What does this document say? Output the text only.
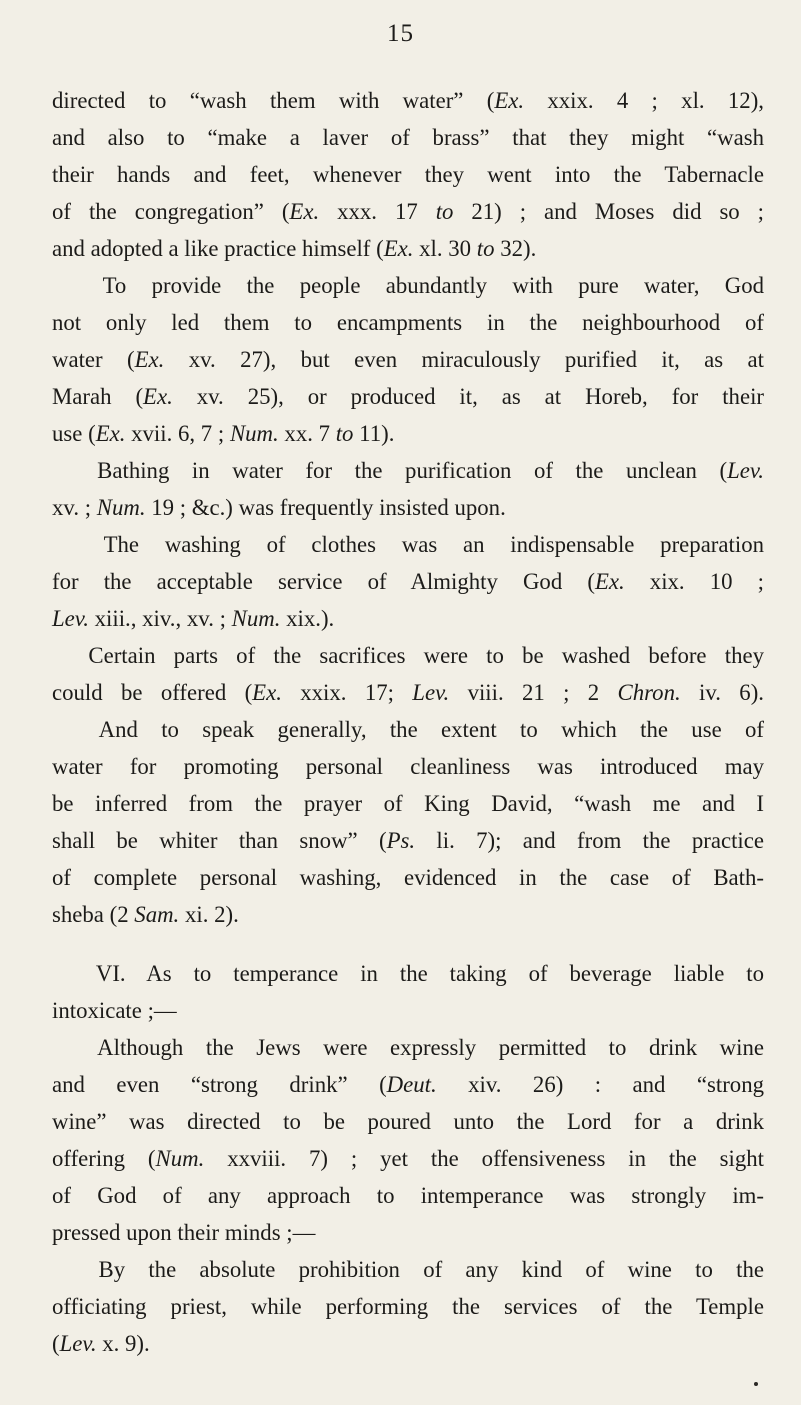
15
directed to “wash them with water” (Ex. xxix. 4 ; xl. 12),
and also to “make a laver of brass” that they might “wash
their hands and feet, whenever they went into the Tabernacle
of the congregation” (Ex. xxx. 17 to 21) ; and Moses did so ;
and adopted a like practice himself (Ex. xl. 30 to 32).
To provide the people abundantly with pure water, God
not only led them to encampments in the neighbourhood of
water (Ex. xv. 27), but even miraculously purified it, as at
Marah (Ex. xv. 25), or produced it, as at Horeb, for their
use (Ex. xvii. 6, 7 ; Num. xx. 7 to 11).
Bathing in water for the purification of the unclean (Lev.
xv. ; Num. 19 ; &c.) was frequently insisted upon.
The washing of clothes was an indispensable preparation
for the acceptable service of Almighty God (Ex. xix. 10 ;
Lev. xiii., xiv., xv. ; Num. xix.).
Certain parts of the sacrifices were to be washed before they
could be offered (Ex. xxix. 17; Lev. viii. 21 ; 2 Chron. iv. 6).
And to speak generally, the extent to which the use of
water for promoting personal cleanliness was introduced may
be inferred from the prayer of King David, “wash me and I
shall be whiter than snow” (Ps. li. 7); and from the practice
of complete personal washing, evidenced in the case of Bath-
sheba (2 Sam. xi. 2).
VI. As to temperance in the taking of beverage liable to
intoxicate ;—
Although the Jews were expressly permitted to drink wine
and even “strong drink” (Deut. xiv. 26) : and “strong
wine” was directed to be poured unto the Lord for a drink
offering (Num. xxviii. 7) ; yet the offensiveness in the sight
of God of any approach to intemperance was strongly im-
pressed upon their minds ;—
By the absolute prohibition of any kind of wine to the
officiating priest, while performing the services of the Temple
(Lev. x. 9).
